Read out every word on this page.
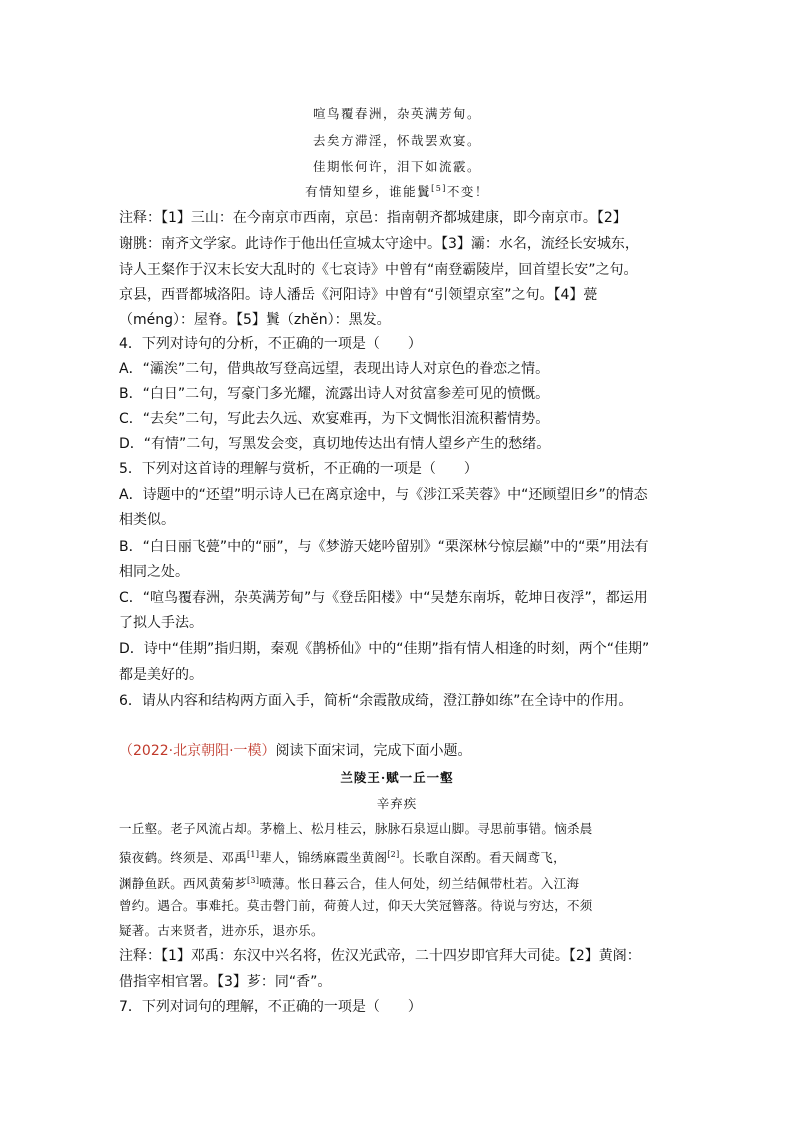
喧鸟覆春洲，杂英满芳甸。
去矣方滞淫，怀哉罢欢宴。
佳期怅何许，泪下如流霰。
有情知望乡，谁能鬒[5]不变！
注释：【1】三山：在今南京市西南，京邑：指南朝齐都城建康，即今南京市。【2】
谢朓：南齐文学家。此诗作于他出任宣城太守途中。【3】灞：水名，流经长安城东，
诗人王粲作于汉末长安大乱时的《七哀诗》中曾有“南登霸陵岸，回首望长安”之句。
京县，西晋都城洛阳。诗人潘岳《河阳诗》中曾有“引领望京室”之句。【4】甍
（méng）：屋脊。【5】鬒（zhěn）：黑发。
4．下列对诗句的分析，不正确的一项是（　　）
A．“灞涘”二句，借典故写登高远望，表现出诗人对京色的眷恋之情。
B．“白日”二句，写豪门多光耀，流露出诗人对贫富参差可见的愤慨。
C．“去矣”二句，写此去久远、欢宴难再，为下文惆怅泪流积蓄情势。
D．“有情”二句，写黑发会变，真切地传达出有情人望乡产生的愁绪。
5．下列对这首诗的理解与赏析，不正确的一项是（　　）
A．诗题中的“还望”明示诗人已在离京途中，与《涉江采芙蓉》中“还顾望旧乡”的情态
相类似。
B．“白日丽飞甍”中的“丽”，与《梦游天姥吟留别》“栗深林兮惊层巅”中的“栗”用法有
相同之处。
C．“喧鸟覆春洲，杂英满芳甸”与《登岳阳楼》中“吴楚东南坼，乾坤日夜浮”，都运用
了拟人手法。
D．诗中“佳期”指归期，秦观《鹊桥仙》中的“佳期”指有情人相逢的时刻，两个“佳期”
都是美好的。
6．请从内容和结构两方面入手，简析“余霞散成绮，澄江静如练”在全诗中的作用。
（2022·北京朝阳·一模）阅读下面宋词，完成下面小题。
兰陵王·赋一丘一壑
辛弃疾
一丘壑。老子风流占却。茅檐上、松月桂云，脉脉石泉逗山脚。寻思前事错。恼杀晨
猿夜鹤。终须是、邓禹[1]辈人，锦绣麻霞坐黄阁[2]。长歌自深酌。看天阔鸢飞，
渊静鱼跃。西风黄菊芗[3]喷薄。怅日暮云合，佳人何处，纫兰结佩带杜若。入江海
曾约。遇合。事难托。莫击磬门前，荷蒉人过，仰天大笑冠簪落。待说与穷达，不须
疑著。古来贤者，进亦乐，退亦乐。
注释：【1】邓禹：东汉中兴名将，佐汉光武帝，二十四岁即官拜大司徒。【2】黄阁：
借指宰相官署。【3】芗：同“香”。
7．下列对词句的理解，不正确的一项是（　　）
